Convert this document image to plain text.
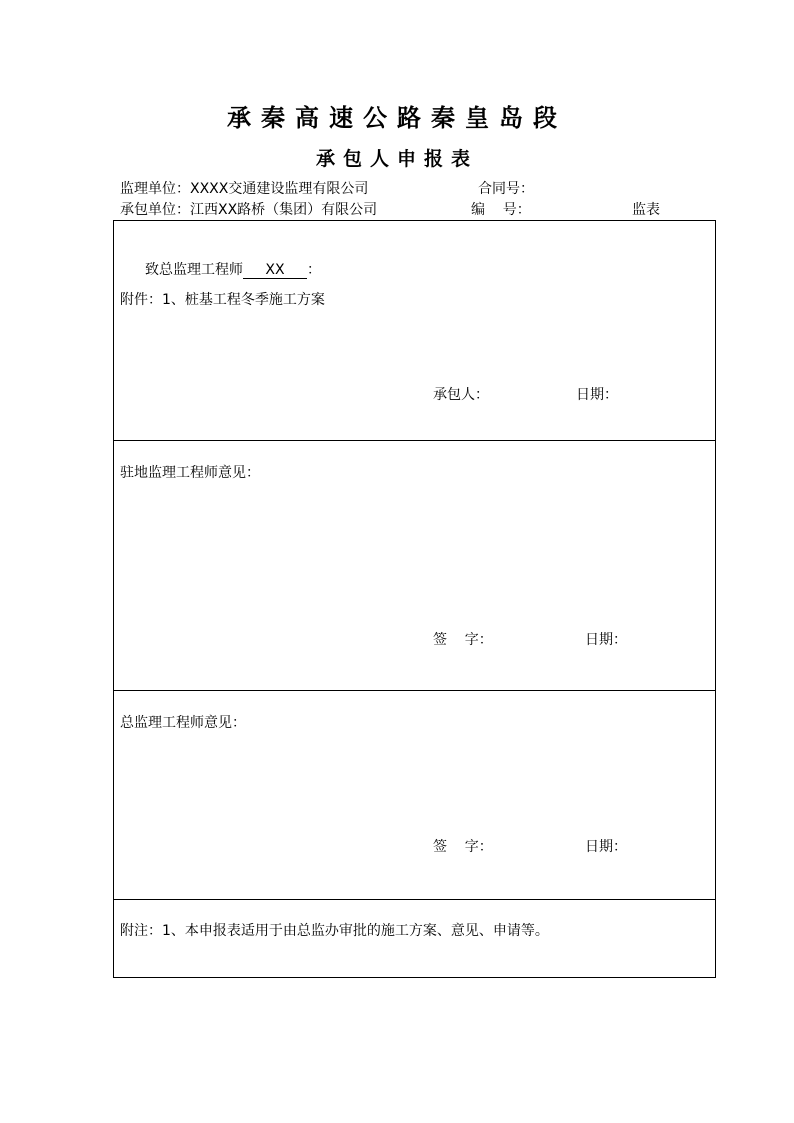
承秦高速公路秦皇岛段
承包人申报表
监理单位：XXXX交通建设监理有限公司	合同号：
承包单位：江西XX路桥（集团）有限公司	编    号：	监表
致总监理工程师 XX ：
附件：1、桩基工程冬季施工方案
承包人：	日期：
驻地监理工程师意见：
签    字：	日期：
总监理工程师意见：
签    字：	日期：
附注：1、本申报表适用于由总监办审批的施工方案、意见、申请等。
